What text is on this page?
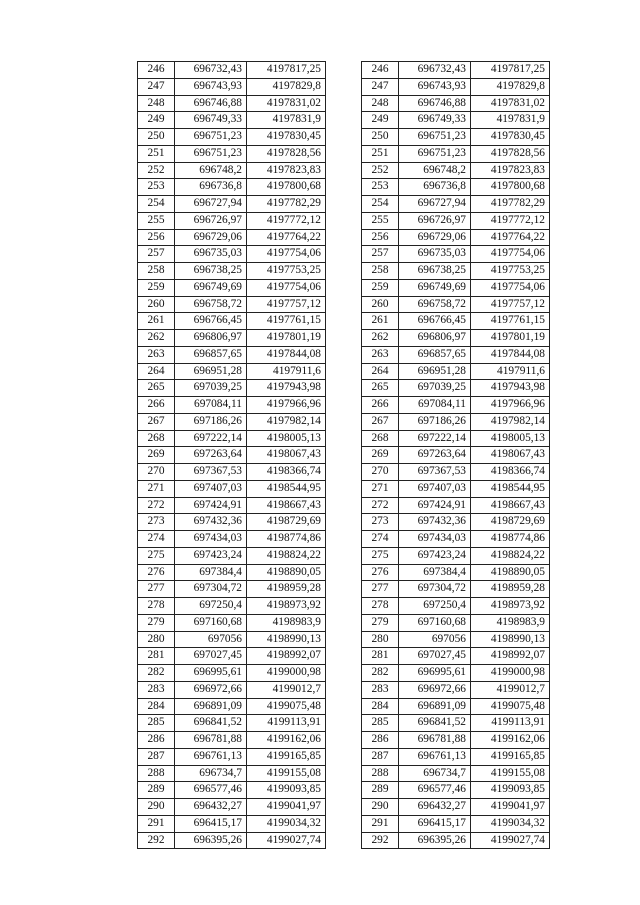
246	696732,43	4197817,25
247	696743,93	4197829,8
248	696746,88	4197831,02
249	696749,33	4197831,9
250	696751,23	4197830,45
251	696751,23	4197828,56
252	696748,2	4197823,83
253	696736,8	4197800,68
254	696727,94	4197782,29
255	696726,97	4197772,12
256	696729,06	4197764,22
257	696735,03	4197754,06
258	696738,25	4197753,25
259	696749,69	4197754,06
260	696758,72	4197757,12
261	696766,45	4197761,15
262	696806,97	4197801,19
263	696857,65	4197844,08
264	696951,28	4197911,6
265	697039,25	4197943,98
266	697084,11	4197966,96
267	697186,26	4197982,14
268	697222,14	4198005,13
269	697263,64	4198067,43
270	697367,53	4198366,74
271	697407,03	4198544,95
272	697424,91	4198667,43
273	697432,36	4198729,69
274	697434,03	4198774,86
275	697423,24	4198824,22
276	697384,4	4198890,05
277	697304,72	4198959,28
278	697250,4	4198973,92
279	697160,68	4198983,9
280	697056	4198990,13
281	697027,45	4198992,07
282	696995,61	4199000,98
283	696972,66	4199012,7
284	696891,09	4199075,48
285	696841,52	4199113,91
286	696781,88	4199162,06
287	696761,13	4199165,85
288	696734,7	4199155,08
289	696577,46	4199093,85
290	696432,27	4199041,97
291	696415,17	4199034,32
292	696395,26	4199027,74
246	696732,43	4197817,25
247	696743,93	4197829,8
248	696746,88	4197831,02
249	696749,33	4197831,9
250	696751,23	4197830,45
251	696751,23	4197828,56
252	696748,2	4197823,83
253	696736,8	4197800,68
254	696727,94	4197782,29
255	696726,97	4197772,12
256	696729,06	4197764,22
257	696735,03	4197754,06
258	696738,25	4197753,25
259	696749,69	4197754,06
260	696758,72	4197757,12
261	696766,45	4197761,15
262	696806,97	4197801,19
263	696857,65	4197844,08
264	696951,28	4197911,6
265	697039,25	4197943,98
266	697084,11	4197966,96
267	697186,26	4197982,14
268	697222,14	4198005,13
269	697263,64	4198067,43
270	697367,53	4198366,74
271	697407,03	4198544,95
272	697424,91	4198667,43
273	697432,36	4198729,69
274	697434,03	4198774,86
275	697423,24	4198824,22
276	697384,4	4198890,05
277	697304,72	4198959,28
278	697250,4	4198973,92
279	697160,68	4198983,9
280	697056	4198990,13
281	697027,45	4198992,07
282	696995,61	4199000,98
283	696972,66	4199012,7
284	696891,09	4199075,48
285	696841,52	4199113,91
286	696781,88	4199162,06
287	696761,13	4199165,85
288	696734,7	4199155,08
289	696577,46	4199093,85
290	696432,27	4199041,97
291	696415,17	4199034,32
292	696395,26	4199027,74
